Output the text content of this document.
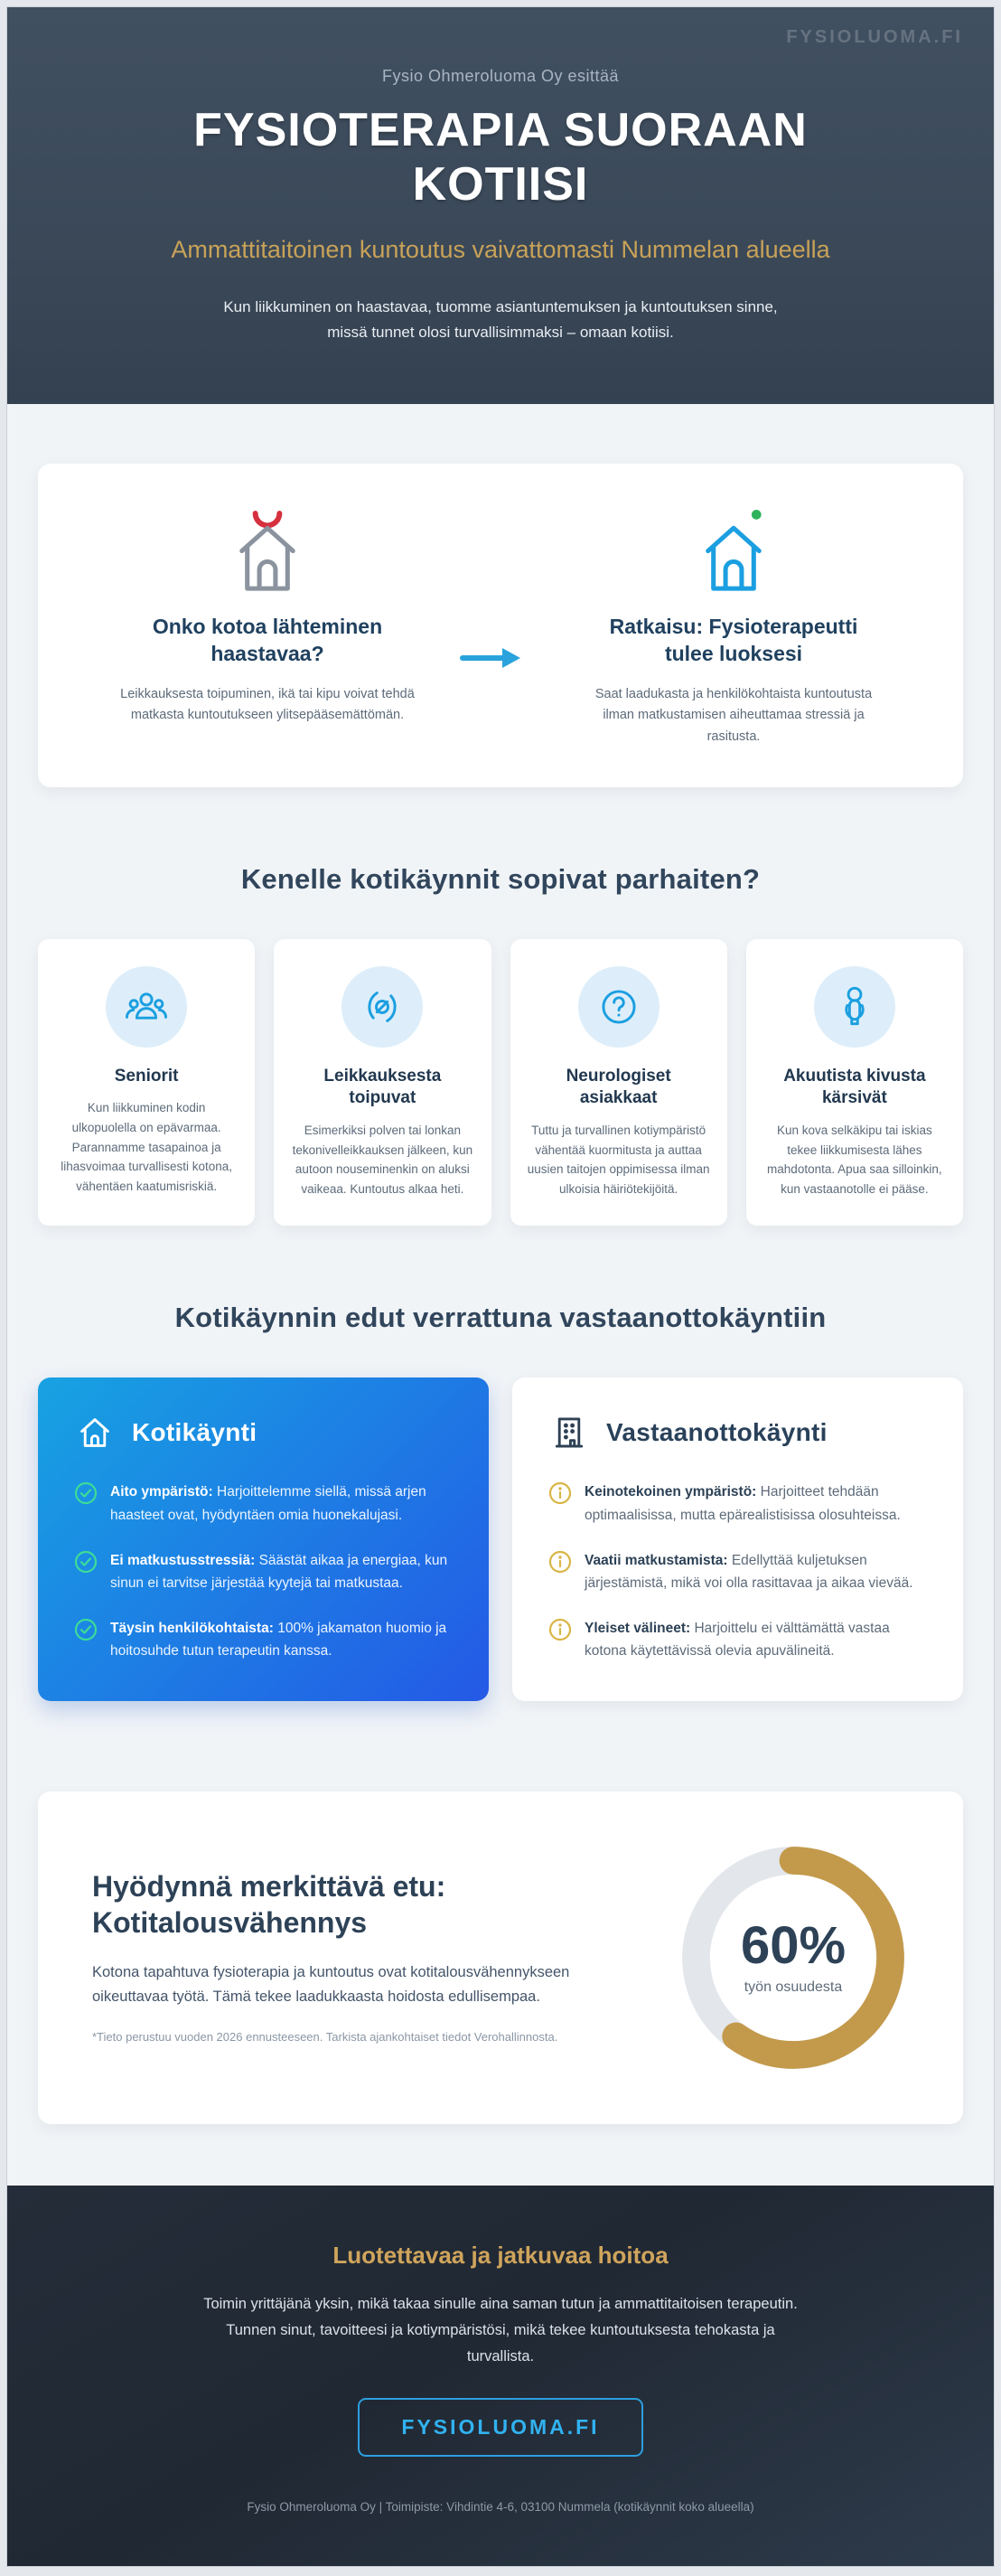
FYSIOLUOMA.FI

Fysio Ohmeroluoma Oy esittää

FYSIOTERAPIA SUORAAN KOTIISI

Ammattitaitoinen kuntoutus vaivattomasti Nummelan alueella

Kun liikkuminen on haastavaa, tuomme asiantuntemuksen ja kuntoutuksen sinne, missä tunnet olosi turvallisimmaksi – omaan kotiisi.

Onko kotoa lähteminen haastavaa?

Leikkauksesta toipuminen, ikä tai kipu voivat tehdä matkasta kuntoutukseen ylitsepääsemättömän.

Ratkaisu: Fysioterapeutti tulee luoksesi

Saat laadukasta ja henkilökohtaista kuntoutusta ilman matkustamisen aiheuttamaa stressiä ja rasitusta.

Kenelle kotikäynnit sopivat parhaiten?
Seniorit

Kun liikkuminen kodin ulkopuolella on epävarmaa. Parannamme tasapainoa ja lihasvoimaa turvallisesti kotona, vähentäen kaatumisriskiä.

Leikkauksesta toipuvat

Esimerkiksi polven tai lonkan tekonivelleikkauksen jälkeen, kun autoon nouseminenkin on aluksi vaikeaa. Kuntoutus alkaa heti.

Neurologiset asiakkaat

Tuttu ja turvallinen kotiympäristö vähentää kuormitusta ja auttaa uusien taitojen oppimisessa ilman ulkoisia häiriötekijöitä.

Akuutista kivusta kärsivät

Kun kova selkäkipu tai iskias tekee liikkumisesta lähes mahdotonta. Apua saa silloinkin, kun vastaanotolle ei pääse.

Kotikäynnin edut verrattuna vastaanottokäyntiin
Kotikäynti

Aito ympäristö: Harjoittelemme siellä, missä arjen haasteet ovat, hyödyntäen omia huonekalujasi.

Ei matkustusstressiä: Säästät aikaa ja energiaa, kun sinun ei tarvitse järjestää kyytejä tai matkustaa.

Täysin henkilökohtaista: 100% jakamaton huomio ja hoitosuhde tutun terapeutin kanssa.

Vastaanottokäynti

Keinotekoinen ympäristö: Harjoitteet tehdään optimaalisissa, mutta epärealistisissa olosuhteissa.

Vaatii matkustamista: Edellyttää kuljetuksen järjestämistä, mikä voi olla rasittavaa ja aikaa vievää.

Yleiset välineet: Harjoittelu ei välttämättä vastaa kotona käytettävissä olevia apuvälineitä.

Hyödynnä merkittävä etu:
Kotitalousvähennys

Kotona tapahtuva fysioterapia ja kuntoutus ovat kotitalousvähennykseen oikeuttavaa työtä. Tämä tekee laadukkaasta hoidosta edullisempaa.

*Tieto perustuu vuoden 2026 ennusteeseen. Tarkista ajankohtaiset tiedot Verohallinnosta.

60%
työn osuudesta
Luotettavaa ja jatkuvaa hoitoa

Toimin yrittäjänä yksin, mikä takaa sinulle aina saman tutun ja ammattitaitoisen terapeutin. Tunnen sinut, tavoitteesi ja kotiympäristösi, mikä tekee kuntoutuksesta tehokasta ja turvallista.

FYSIOLUOMA.FI

Fysio Ohmeroluoma Oy | Toimipiste: Vihdintie 4-6, 03100 Nummela (kotikäynnit koko alueella)
